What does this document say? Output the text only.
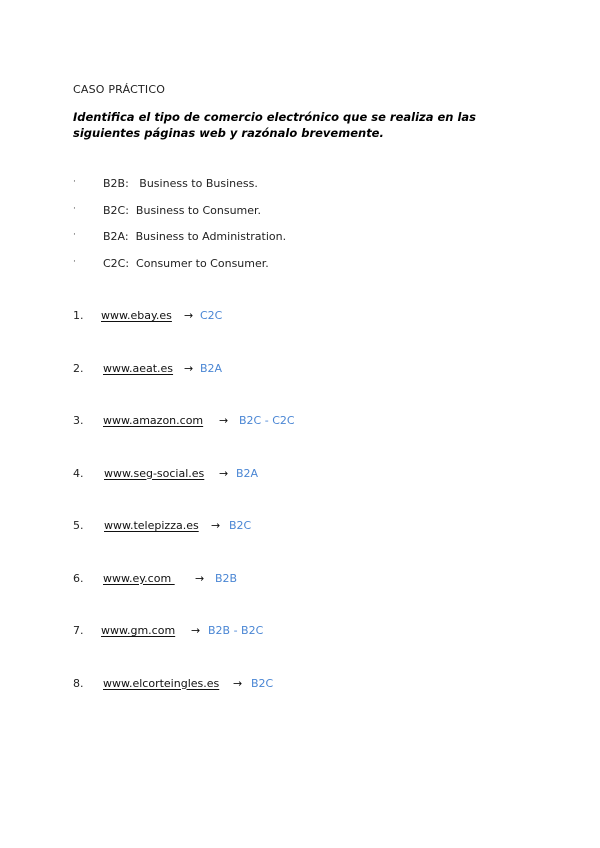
CASO PRÁCTICO
Identifica el tipo de comercio electrónico que se realiza en las siguientes páginas web y razónalo brevemente.
· B2B:   Business to Business.
· B2C:  Business to Consumer.
· B2A:  Business to Administration.
· C2C:  Consumer to Consumer.
1. www.ebay.es → C2C
2. www.aeat.es → B2A
3. www.amazon.com → B2C - C2C
4. www.seg-social.es → B2A
5. www.telepizza.es → B2C
6. www.ey.com → B2B
7. www.gm.com → B2B - B2C
8. www.elcorteingles.es → B2C
